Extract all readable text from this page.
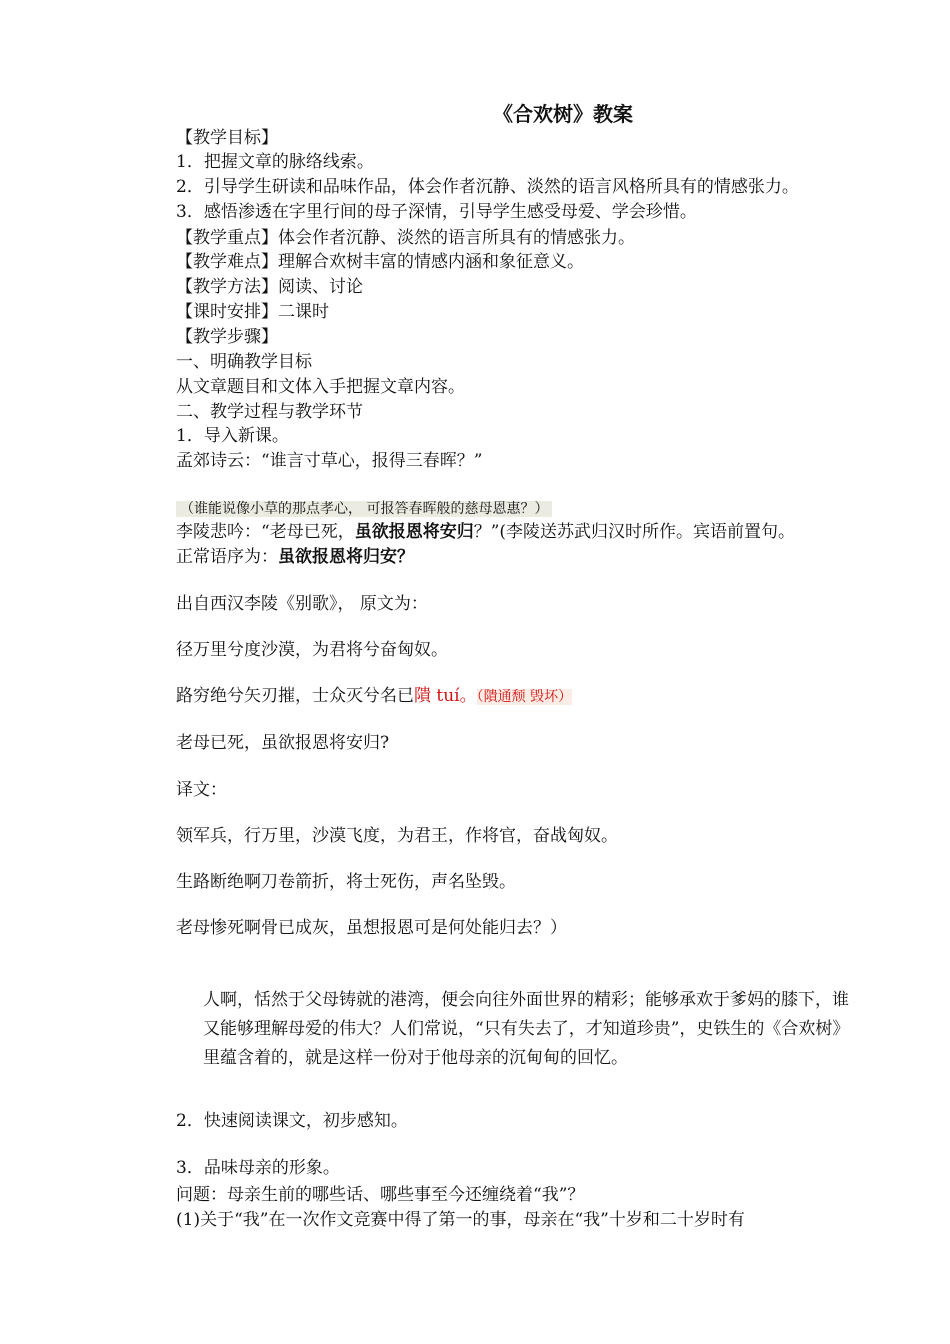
《合欢树》教案
【教学目标】
1．把握文章的脉络线索。
2．引导学生研读和品味作品，体会作者沉静、淡然的语言风格所具有的情感张力。
3．感悟渗透在字里行间的母子深情，引导学生感受母爱、学会珍惜。
【教学重点】体会作者沉静、淡然的语言所具有的情感张力。
【教学难点】理解合欢树丰富的情感内涵和象征意义。
【教学方法】阅读、讨论
【课时安排】二课时
【教学步骤】
一、明确教学目标
从文章题目和文体入手把握文章内容。
二、教学过程与教学环节
1．导入新课。
孟郊诗云：“谁言寸草心，报得三春晖？”
（谁能说像小草的那点孝心， 可报答春晖般的慈母恩惠？）
李陵悲吟：“老母已死，虽欲报恩将安归？”(李陵送苏武归汉时所作。宾语前置句。
正常语序为：虽欲报恩将归安？
出自西汉李陵《别歌》， 原文为：
径万里兮度沙漠，为君将兮奋匈奴。
路穷绝兮矢刃摧，士众灭兮名已隤 tuí。（隤通颓 毁坏）
老母已死，虽欲报恩将安归?
译文：
领军兵，行万里，沙漠飞度，为君王，作将官，奋战匈奴。
生路断绝啊刀卷箭折，将士死伤，声名坠毁。
老母惨死啊骨已成灰，虽想报恩可是何处能归去？）
人啊，恬然于父母铸就的港湾，便会向往外面世界的精彩；能够承欢于爹妈的膝下，谁又能够理解母爱的伟大？人们常说，“只有失去了，才知道珍贵”，史铁生的《合欢树》里蕴含着的，就是这样一份对于他母亲的沉甸甸的回忆。
2．快速阅读课文，初步感知。
3．品味母亲的形象。
问题：母亲生前的哪些话、哪些事至今还缠绕着“我”？
(1)关于“我”在一次作文竞赛中得了第一的事，母亲在“我”十岁和二十岁时有
